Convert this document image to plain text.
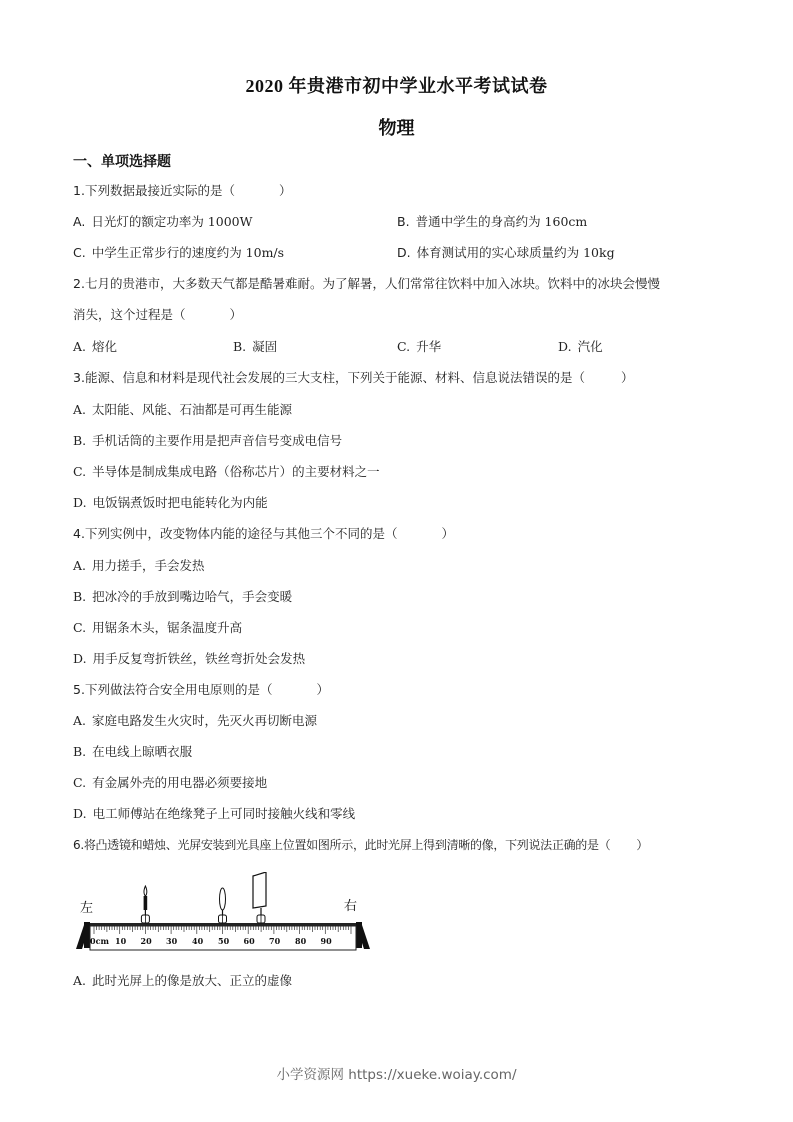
2020 年贵港市初中学业水平考试试卷
物理
一、单项选择题
1.下列数据最接近实际的是（	）
A. 日光灯的额定功率为 1000W	B. 普通中学生的身高约为 160cm
C. 中学生正常步行的速度约为 10m/s	D. 体育测试用的实心球质量约为 10kg
2.七月的贵港市，大多数天气都是酷暑难耐。为了解暑，人们常常往饮料中加入冰块。饮料中的冰块会慢慢
消失，这个过程是（	）
A. 熔化	B. 凝固	C. 升华	D. 汽化
3.能源、信息和材料是现代社会发展的三大支柱，下列关于能源、材料、信息说法错误的是（	）
A. 太阳能、风能、石油都是可再生能源
B. 手机话筒的主要作用是把声音信号变成电信号
C. 半导体是制成集成电路（俗称芯片）的主要材料之一
D. 电饭锅煮饭时把电能转化为内能
4.下列实例中，改变物体内能的途径与其他三个不同的是（	）
A. 用力搓手，手会发热
B. 把冰冷的手放到嘴边哈气，手会变暖
C. 用锯条木头，锯条温度升高
D. 用手反复弯折铁丝，铁丝弯折处会发热
5.下列做法符合安全用电原则的是（	）
A. 家庭电路发生火灾时，先灭火再切断电源
B. 在电线上晾晒衣服
C. 有金属外壳的用电器必须要接地
D. 电工师傅站在绝缘凳子上可同时接触火线和零线
6.将凸透镜和蜡烛、光屏安装到光具座上位置如图所示，此时光屏上得到清晰的像，下列说法正确的是（ ）
左	右
0cm 10 20 30 40 50 60 70 80 90
A. 此时光屏上的像是放大、正立的虚像
小学资源网 https://xueke.woiay.com/
